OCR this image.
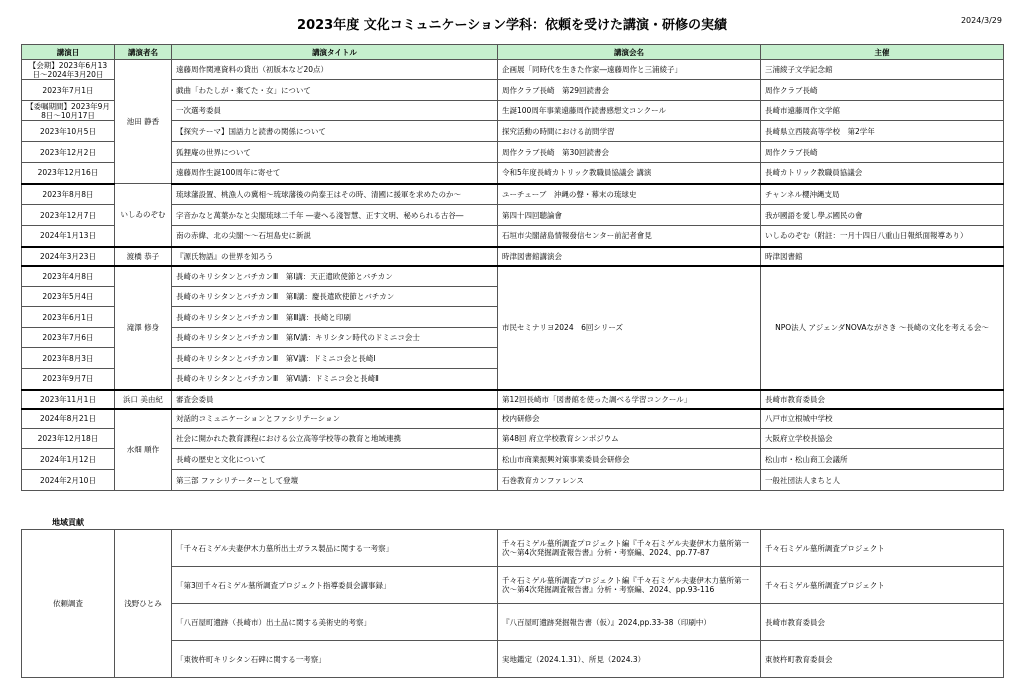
2023年度 文化コミュニケーション学科：依頼を受けた講演・研修の実績	2024/3/29
講演日	講演者名	講演タイトル	講演会名	主催
【会期】2023年6月13日～2024年3月20日	池田 静香	遠藤周作関連資料の貸出（初版本など20点）	企画展「同時代を生きた作家―遠藤周作と三浦綾子」	三浦綾子文学記念館
2023年7月1日		戯曲「わたしが・棄てた・女」について	周作クラブ長崎　第29回読書会	周作クラブ長崎
【委嘱期間】2023年9月8日～10月17日		一次選考委員	生誕100周年事業遠藤周作読書感想文コンクール	長崎市遠藤周作文学館
2023年10月5日		【探究テーマ】国語力と読書の関係について	探究活動の時間における訪問学習	長崎県立西陵高等学校　第2学年
2023年12月2日		狐狸庵の世界について	周作クラブ長崎　第30回読書会	周作クラブ長崎
2023年12月16日		遠藤周作生誕100周年に寄せて	令和5年度長崎カトリック教職員協議会 講演	長崎カトリック教職員協議会
2023年8月8日	いしゐのぞむ	琉球藩設置、桃漁人の冀相～琉球藩後の尚泰王はその時、清國に援軍を求めたのか～	ユーチューブ　沖縄の聲・幕末の琉球史	チャンネル櫻沖縄支局
2023年12月7日		字音かなと萬葉かなと尖閣琉球二千年 ―妻へる淺智慧、正す文明、秘められる古谷―	第四十四回聴論會	我が國語を愛し學ぶ國民の會
2024年1月13日		南の赤緯、北の尖閣～～石垣島史に新説	石垣市尖閣諸島情報發信センター前記者會見	いしゐのぞむ（附註：一月十四日八重山日報紙面報導あり）
2024年3月23日	渡橋 恭子	『源氏物語』の世界を知ろう	時津図書館講演会	時津図書館
2023年4月8日	滝澤 修身	長崎のキリシタンとバチカンⅢ　第Ⅰ講：天正遣欧使節とバチカン	市民セミナリヨ2024　6回シリーズ	NPO法人 アジェンダNOVAながさき ～長崎の文化を考える会～
2023年5月4日		長崎のキリシタンとバチカンⅢ　第Ⅱ講：慶長遣欧使節とバチカン		
2023年6月1日		長崎のキリシタンとバチカンⅢ　第Ⅲ講：長崎と印刷		
2023年7月6日		長崎のキリシタンとバチカンⅢ　第Ⅳ講：キリシタン時代のドミニコ会士		
2023年8月3日		長崎のキリシタンとバチカンⅢ　第Ⅴ講：ドミニコ会と長崎Ⅰ		
2023年9月7日		長崎のキリシタンとバチカンⅢ　第Ⅵ講：ドミニコ会と長崎Ⅱ		
2023年11月1日	浜口 美由紀	審査会委員	第12回長崎市「図書館を使った調べる学習コンクール」	長崎市教育委員会
2024年8月21日	水畑 順作	対話的コミュニケーションとファシリテーション	校内研修会	八戸市立根城中学校
2023年12月18日		社会に開かれた教育課程における公立高等学校等の教育と地域連携	第48回 府立学校教育シンポジウム	大阪府立学校長協会
2024年1月12日		長崎の歴史と文化について	松山市商業振興対策事業委員会研修会	松山市・松山商工会議所
2024年2月10日		第三部 ファシリテーターとして登壇	石巻教育カンファレンス	一般社団法人まちと人
地域貢献
依頼調査	浅野ひとみ	「千々石ミゲル夫妻伊木力墓所出土ガラス製品に関する一考察」	千々石ミゲル墓所調査プロジェクト編『千々石ミゲル夫妻伊木力墓所第一次～第4次発掘調査報告書』分析・考察編、2024、pp.77-87	千々石ミゲル墓所調査プロジェクト
		「第3回千々石ミゲル墓所調査プロジェクト指導委員会講事録」	千々石ミゲル墓所調査プロジェクト編『千々石ミゲル夫妻伊木力墓所第一次～第4次発掘調査報告書』分析・考察編、2024、pp.93-116	千々石ミゲル墓所調査プロジェクト
		「八百屋町遺跡（長崎市）出土品に関する美術史的考察」	『八百屋町遺跡発掘報告書（仮）』2024,pp.33-38（印刷中）	長崎市教育委員会
		「東彼杵町キリシタン石碑に関する一考察」	実地鑑定（2024.1.31）、所見（2024.3）	東彼杵町教育委員会
